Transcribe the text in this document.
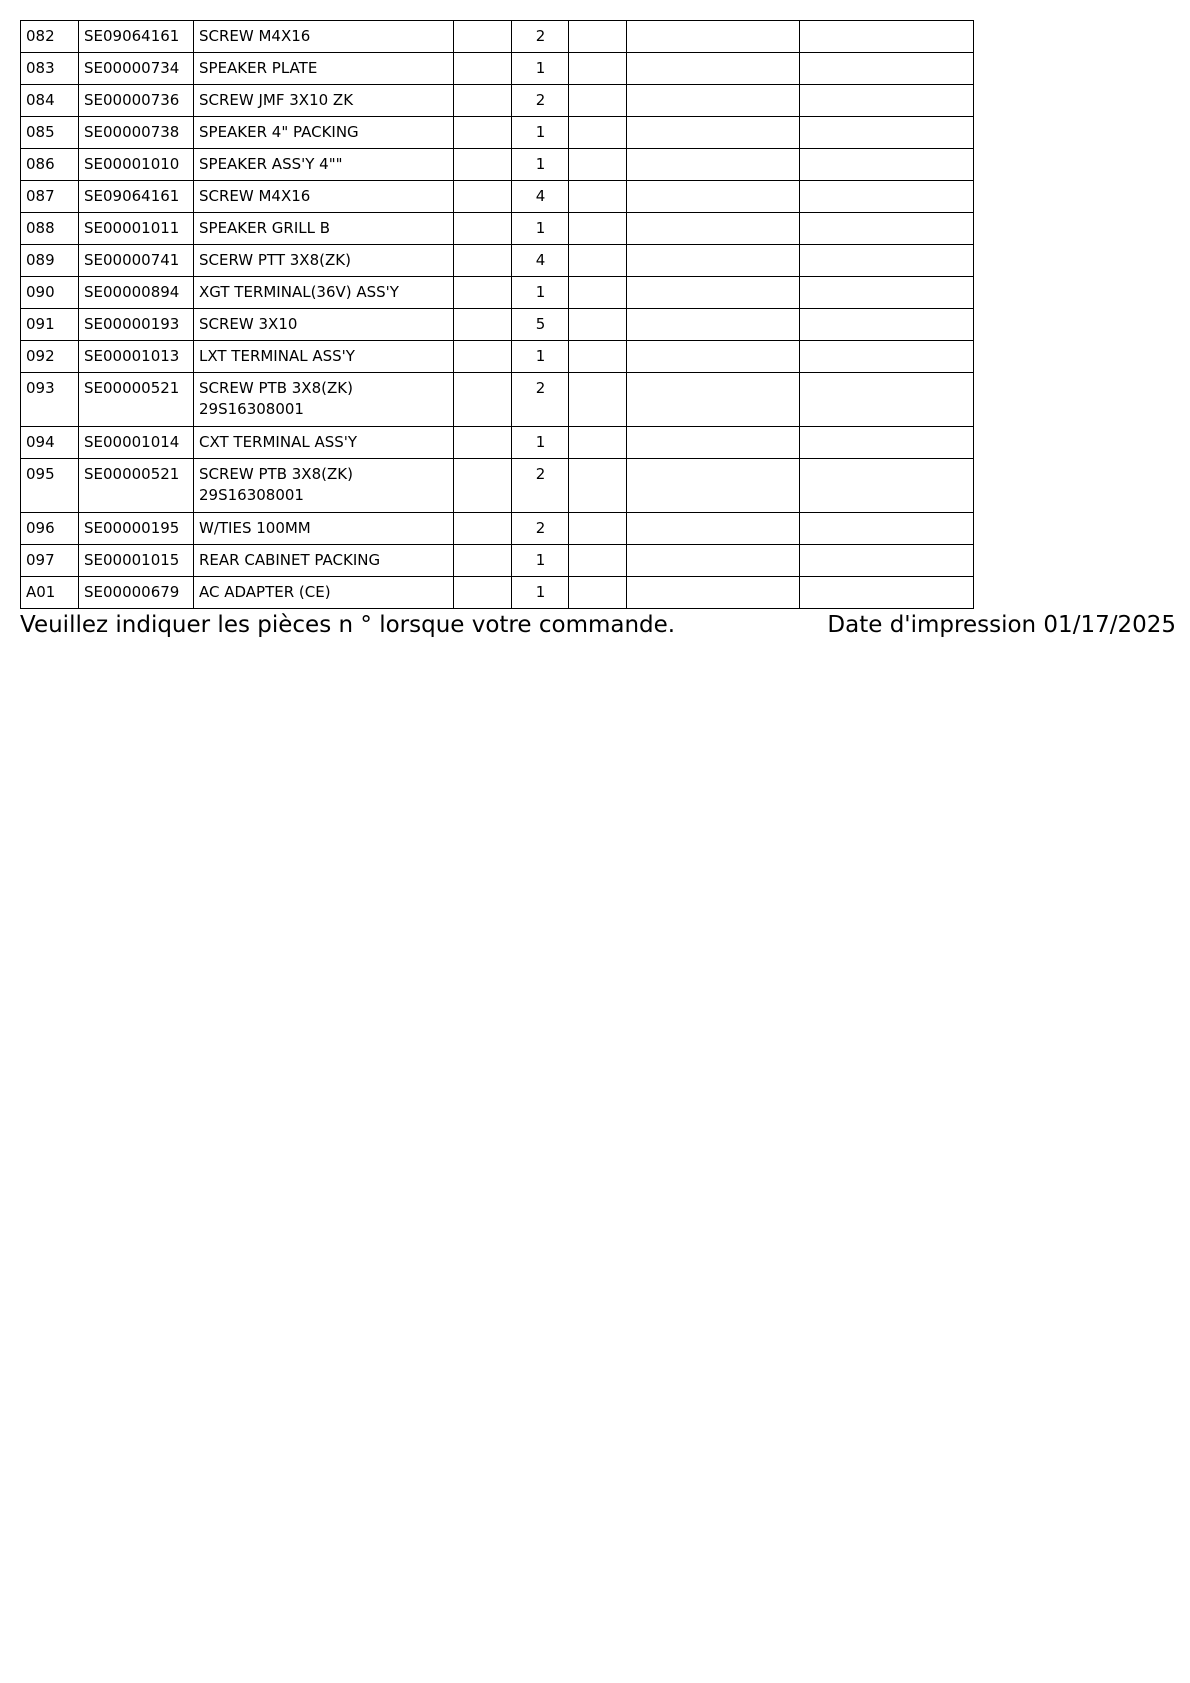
082	SE09064161	SCREW M4X16		2			
083	SE00000734	SPEAKER PLATE		1			
084	SE00000736	SCREW JMF 3X10 ZK		2			
085	SE00000738	SPEAKER 4" PACKING		1			
086	SE00001010	SPEAKER ASS'Y 4""		1			
087	SE09064161	SCREW M4X16		4			
088	SE00001011	SPEAKER GRILL B		1			
089	SE00000741	SCERW PTT 3X8(ZK)		4			
090	SE00000894	XGT TERMINAL(36V) ASS'Y		1			
091	SE00000193	SCREW 3X10		5			
092	SE00001013	LXT TERMINAL ASS'Y		1			
093	SE00000521	SCREW PTB 3X8(ZK) 29S16308001		2			
094	SE00001014	CXT TERMINAL ASS'Y		1			
095	SE00000521	SCREW PTB 3X8(ZK) 29S16308001		2			
096	SE00000195	W/TIES 100MM		2			
097	SE00001015	REAR CABINET PACKING		1			
A01	SE00000679	AC ADAPTER (CE)		1			
Veuillez indiquer les pièces n ° lorsque votre commande.	Date d'impression 01/17/2025
